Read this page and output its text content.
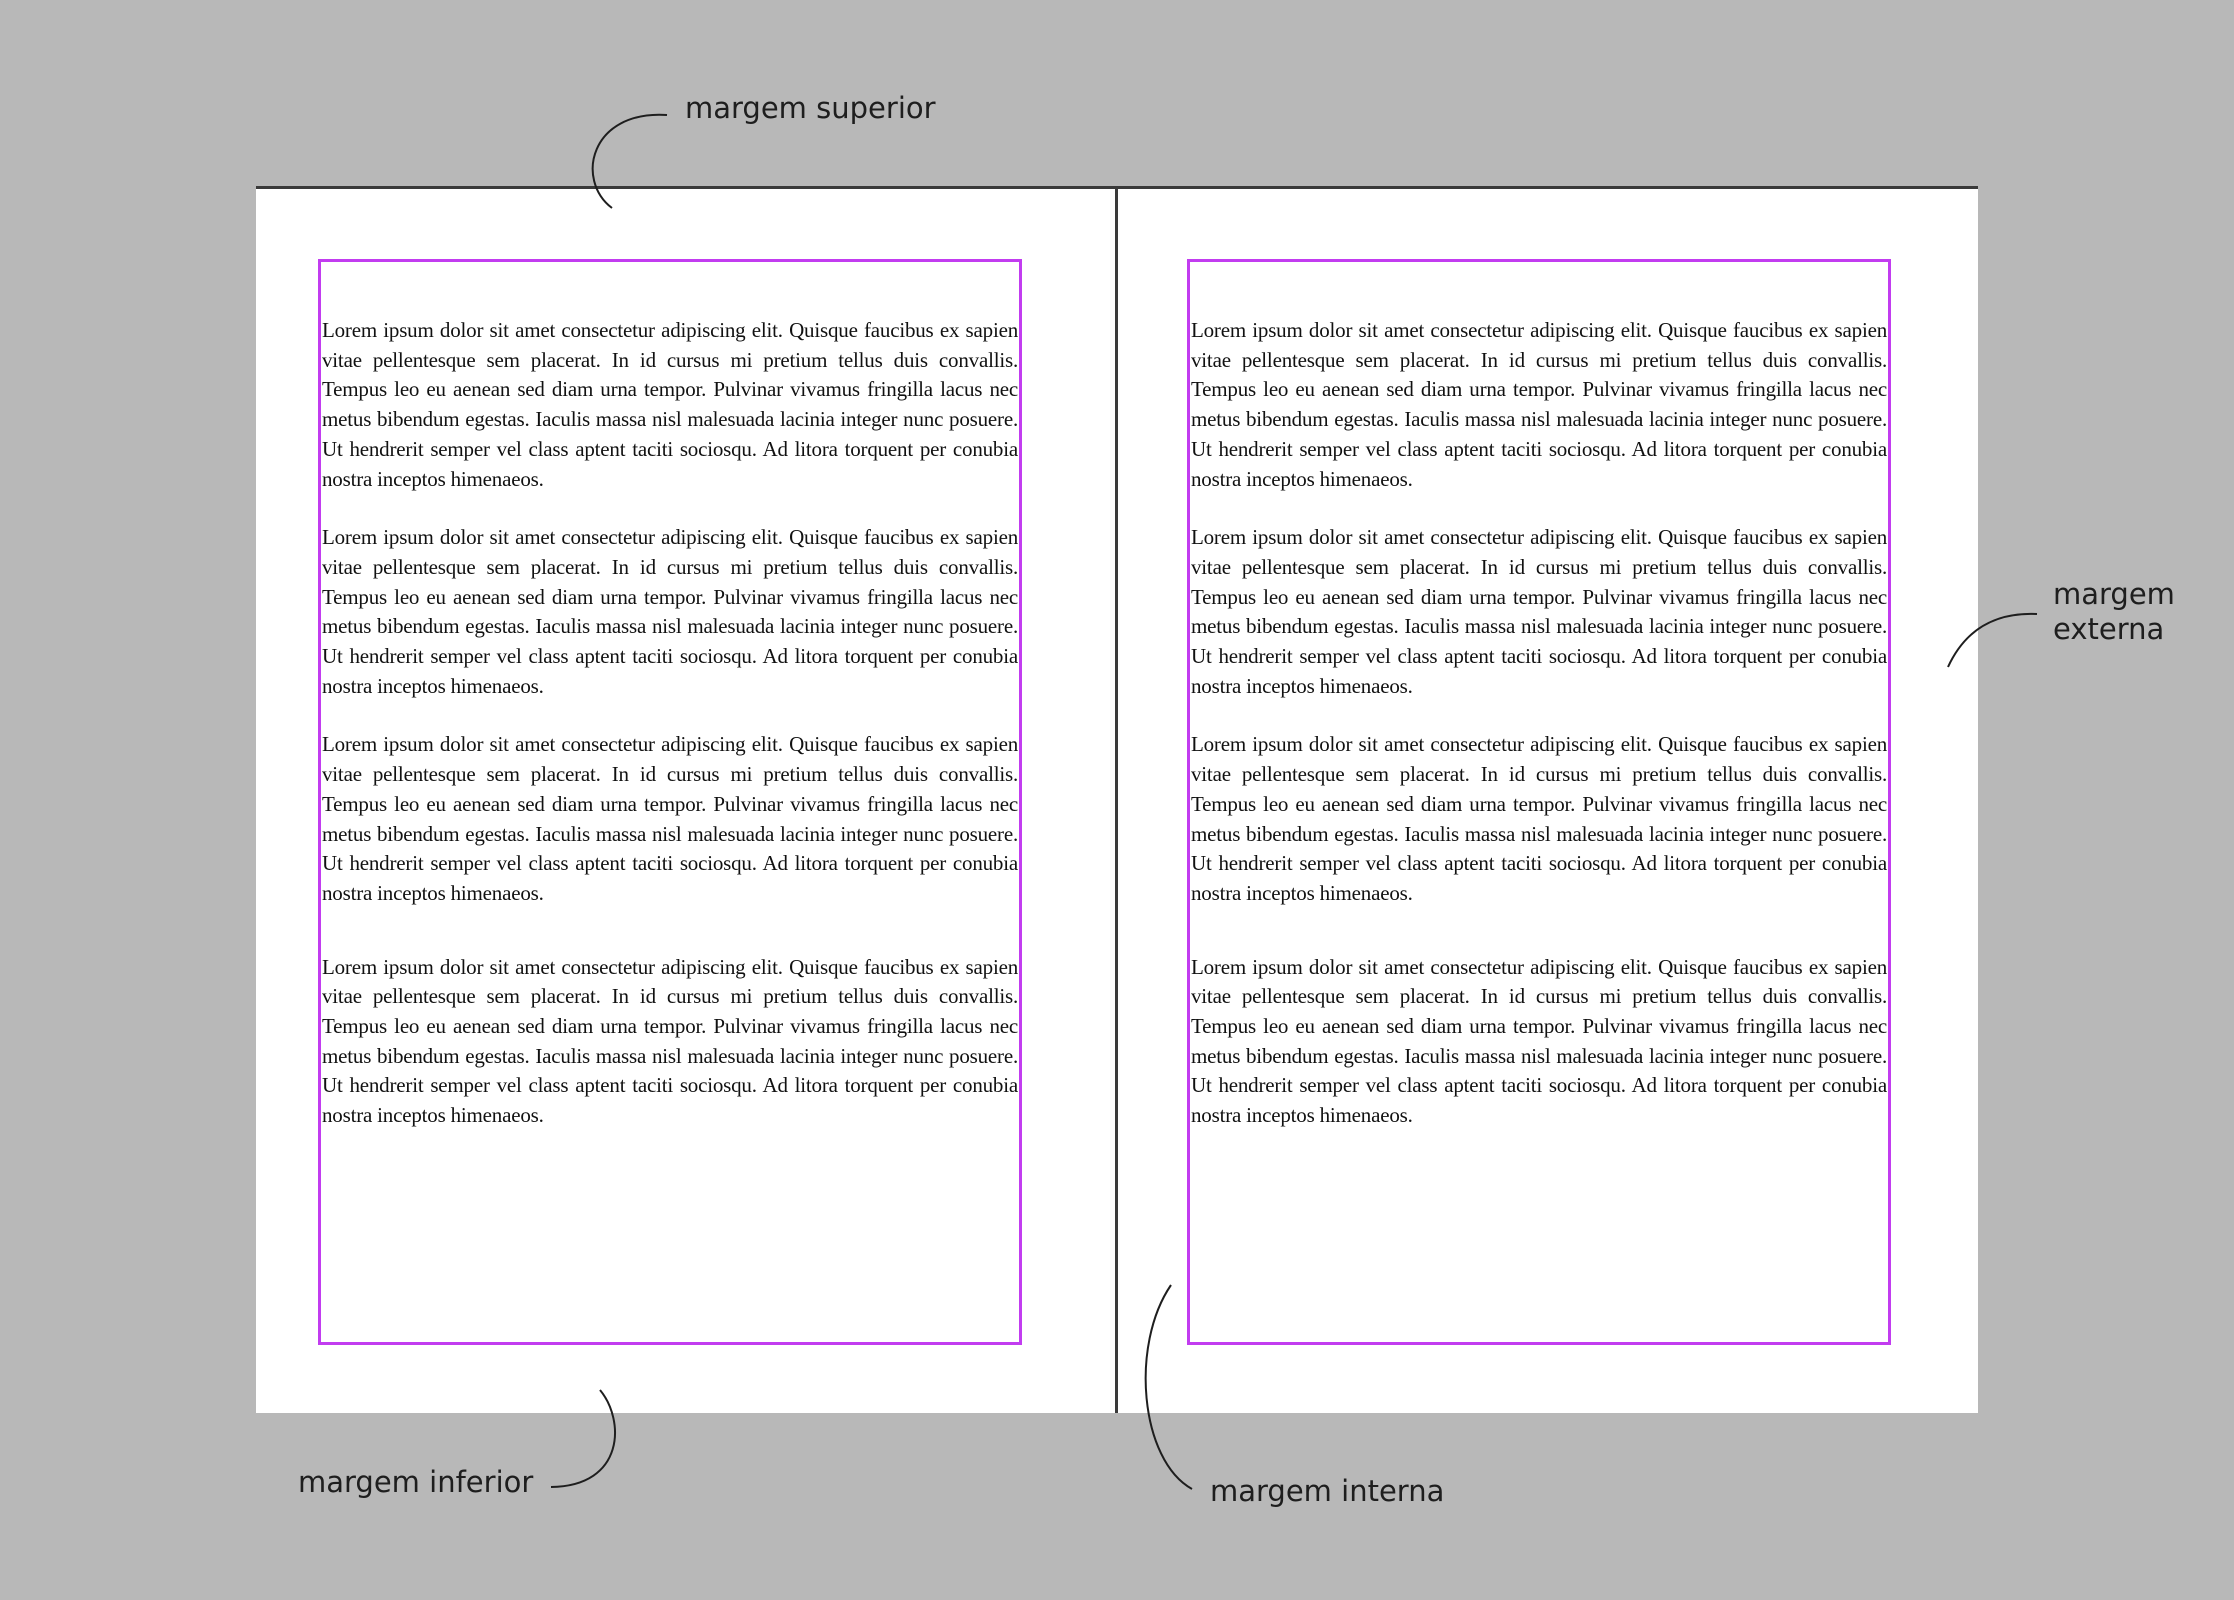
Lorem ipsum dolor sit amet consectetur adipiscing elit. Quisque faucibus ex sapien vitae pellentesque sem placerat. In id cursus mi pretium tellus duis convallis. Tempus leo eu aenean sed diam urna tempor. Pulvinar vivamus fringilla lacus nec metus bibendum egestas. Iaculis massa nisl malesuada lacinia integer nunc posuere. Ut hendrerit semper vel class aptent taciti sociosqu. Ad litora torquent per conubia nostra inceptos himenaeos.

Lorem ipsum dolor sit amet consectetur adipiscing elit. Quisque faucibus ex sapien vitae pellentesque sem placerat. In id cursus mi pretium tellus duis convallis. Tempus leo eu aenean sed diam urna tempor. Pulvinar vivamus fringilla lacus nec metus bibendum egestas. Iaculis massa nisl malesuada lacinia integer nunc posuere. Ut hendrerit semper vel class aptent taciti sociosqu. Ad litora torquent per conubia nostra inceptos himenaeos.

Lorem ipsum dolor sit amet consectetur adipiscing elit. Quisque faucibus ex sapien vitae pellentesque sem placerat. In id cursus mi pretium tellus duis convallis. Tempus leo eu aenean sed diam urna tempor. Pulvinar vivamus fringilla lacus nec metus bibendum egestas. Iaculis massa nisl malesuada lacinia integer nunc posuere. Ut hendrerit semper vel class aptent taciti sociosqu. Ad litora torquent per conubia nostra inceptos himenaeos.

Lorem ipsum dolor sit amet consectetur adipiscing elit. Quisque faucibus ex sapien vitae pellentesque sem placerat. In id cursus mi pretium tellus duis convallis. Tempus leo eu aenean sed diam urna tempor. Pulvinar vivamus fringilla lacus nec metus bibendum egestas. Iaculis massa nisl malesuada lacinia integer nunc posuere. Ut hendrerit semper vel class aptent taciti sociosqu. Ad litora torquent per conubia nostra inceptos himenaeos.

Lorem ipsum dolor sit amet consectetur adipiscing elit. Quisque faucibus ex sapien vitae pellentesque sem placerat. In id cursus mi pretium tellus duis convallis. Tempus leo eu aenean sed diam urna tempor. Pulvinar vivamus fringilla lacus nec metus bibendum egestas. Iaculis massa nisl malesuada lacinia integer nunc posuere. Ut hendrerit semper vel class aptent taciti sociosqu. Ad litora torquent per conubia nostra inceptos himenaeos.

Lorem ipsum dolor sit amet consectetur adipiscing elit. Quisque faucibus ex sapien vitae pellentesque sem placerat. In id cursus mi pretium tellus duis convallis. Tempus leo eu aenean sed diam urna tempor. Pulvinar vivamus fringilla lacus nec metus bibendum egestas. Iaculis massa nisl malesuada lacinia integer nunc posuere. Ut hendrerit semper vel class aptent taciti sociosqu. Ad litora torquent per conubia nostra inceptos himenaeos.

Lorem ipsum dolor sit amet consectetur adipiscing elit. Quisque faucibus ex sapien vitae pellentesque sem placerat. In id cursus mi pretium tellus duis convallis. Tempus leo eu aenean sed diam urna tempor. Pulvinar vivamus fringilla lacus nec metus bibendum egestas. Iaculis massa nisl malesuada lacinia integer nunc posuere. Ut hendrerit semper vel class aptent taciti sociosqu. Ad litora torquent per conubia nostra inceptos himenaeos.

Lorem ipsum dolor sit amet consectetur adipiscing elit. Quisque faucibus ex sapien vitae pellentesque sem placerat. In id cursus mi pretium tellus duis convallis. Tempus leo eu aenean sed diam urna tempor. Pulvinar vivamus fringilla lacus nec metus bibendum egestas. Iaculis massa nisl malesuada lacinia integer nunc posuere. Ut hendrerit semper vel class aptent taciti sociosqu. Ad litora torquent per conubia nostra inceptos himenaeos.

margem superior
margem externa
margem inferior	margem interna
